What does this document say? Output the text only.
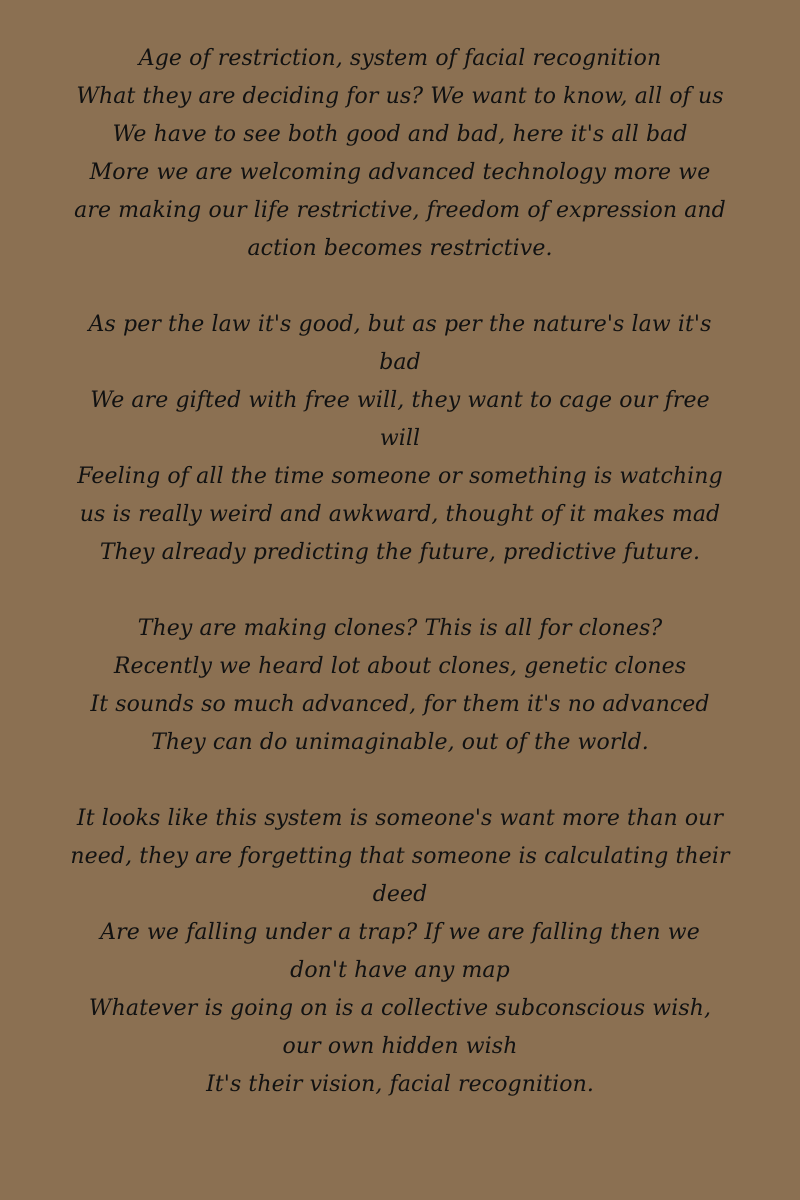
Age of restriction, system of facial recognition
What they are deciding for us? We want to know, all of us
We have to see both good and bad, here it's all bad
More we are welcoming advanced technology more we are making our life restrictive, freedom of expression and action becomes restrictive.
As per the law it's good, but as per the nature's law it's bad
We are gifted with free will, they want to cage our free will
Feeling of all the time someone or something is watching us is really weird and awkward, thought of it makes mad
They already predicting the future, predictive future.
They are making clones? This is all for clones?
Recently we heard lot about clones, genetic clones
It sounds so much advanced, for them it's no advanced
They can do unimaginable, out of the world.
It looks like this system is someone's want more than our need, they are forgetting that someone is calculating their deed
Are we falling under a trap? If we are falling then we don't have any map
Whatever is going on is a collective subconscious wish, our own hidden wish
It's their vision, facial recognition.
